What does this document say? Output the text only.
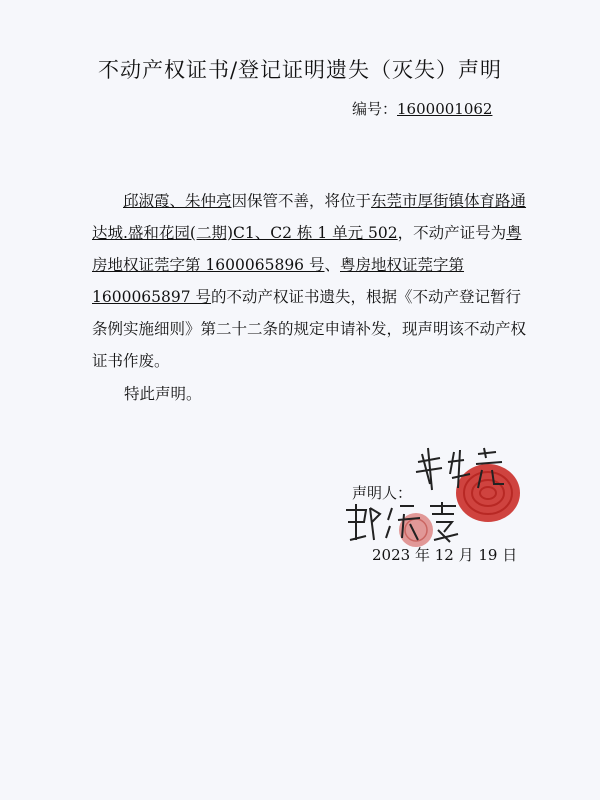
不动产权证书/登记证明遗失（灭失）声明
编号：1600001062

邱淑霞、朱仲亮因保管不善，将位于东莞市厚街镇体育路通达城.盛和花园(二期)C1、C2 栋 1 单元 502，不动产证号为粤房地权证莞字第 1600065896 号、粤房地权证莞字第 1600065897 号的不动产权证书遗失，根据《不动产登记暂行条例实施细则》第二十二条的规定申请补发，现声明该不动产权证书作废。

特此声明。
声明人：
2023 年 12 月 19 日
